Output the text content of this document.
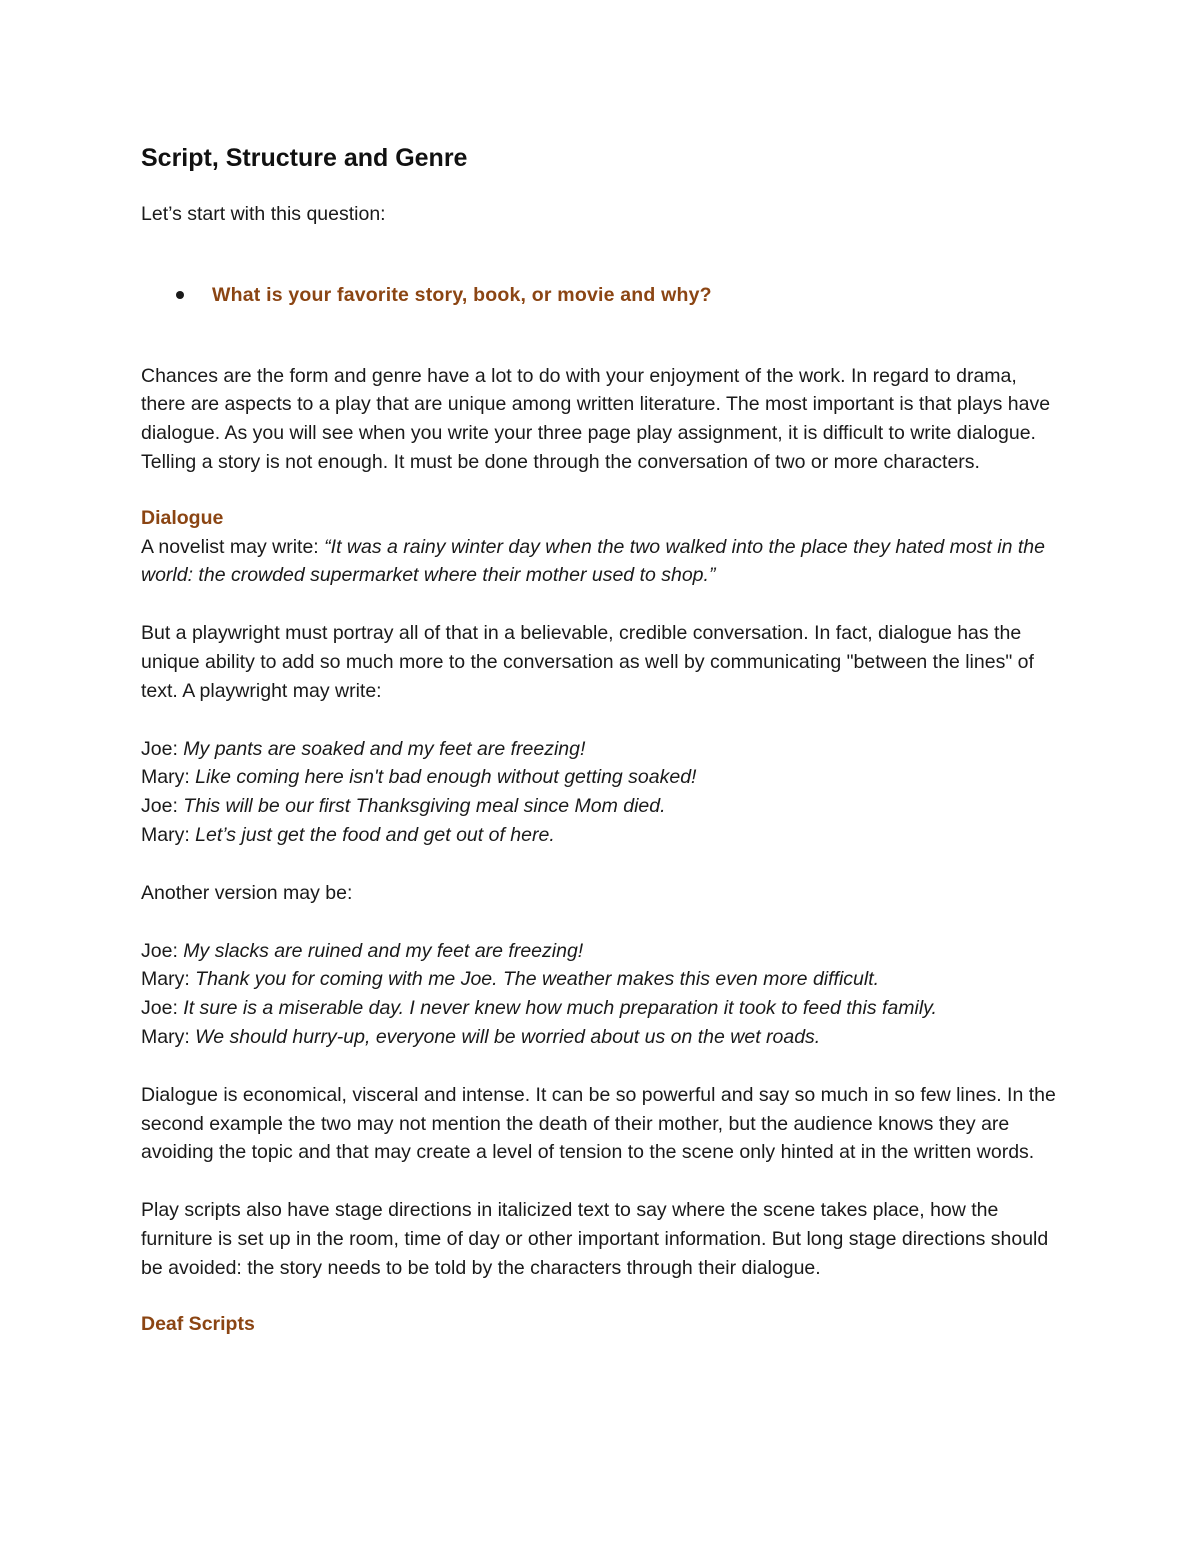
Script, Structure and Genre

Let’s start with this question:

What is your favorite story, book, or movie and why?

Chances are the form and genre have a lot to do with your enjoyment of the work. In regard to drama, there are aspects to a play that are unique among written literature. The most important is that plays have dialogue. As you will see when you write your three page play assignment, it is difficult to write dialogue. Telling a story is not enough. It must be done through the conversation of two or more characters.

Dialogue

A novelist may write: “It was a rainy winter day when the two walked into the place they hated most in the world: the crowded supermarket where their mother used to shop.”

But a playwright must portray all of that in a believable, credible conversation. In fact, dialogue has the unique ability to add so much more to the conversation as well by communicating "between the lines" of text. A playwright may write:

Joe: My pants are soaked and my feet are freezing!

Mary: Like coming here isn't bad enough without getting soaked!

Joe: This will be our first Thanksgiving meal since Mom died.

Mary: Let’s just get the food and get out of here.

Another version may be:

Joe: My slacks are ruined and my feet are freezing!

Mary: Thank you for coming with me Joe. The weather makes this even more difficult.

Joe: It sure is a miserable day. I never knew how much preparation it took to feed this family.

Mary: We should hurry-up, everyone will be worried about us on the wet roads.

Dialogue is economical, visceral and intense. It can be so powerful and say so much in so few lines. In the second example the two may not mention the death of their mother, but the audience knows they are avoiding the topic and that may create a level of tension to the scene only hinted at in the written words.

Play scripts also have stage directions in italicized text to say where the scene takes place, how the furniture is set up in the room, time of day or other important information. But long stage directions should be avoided: the story needs to be told by the characters through their dialogue.

Deaf Scripts
